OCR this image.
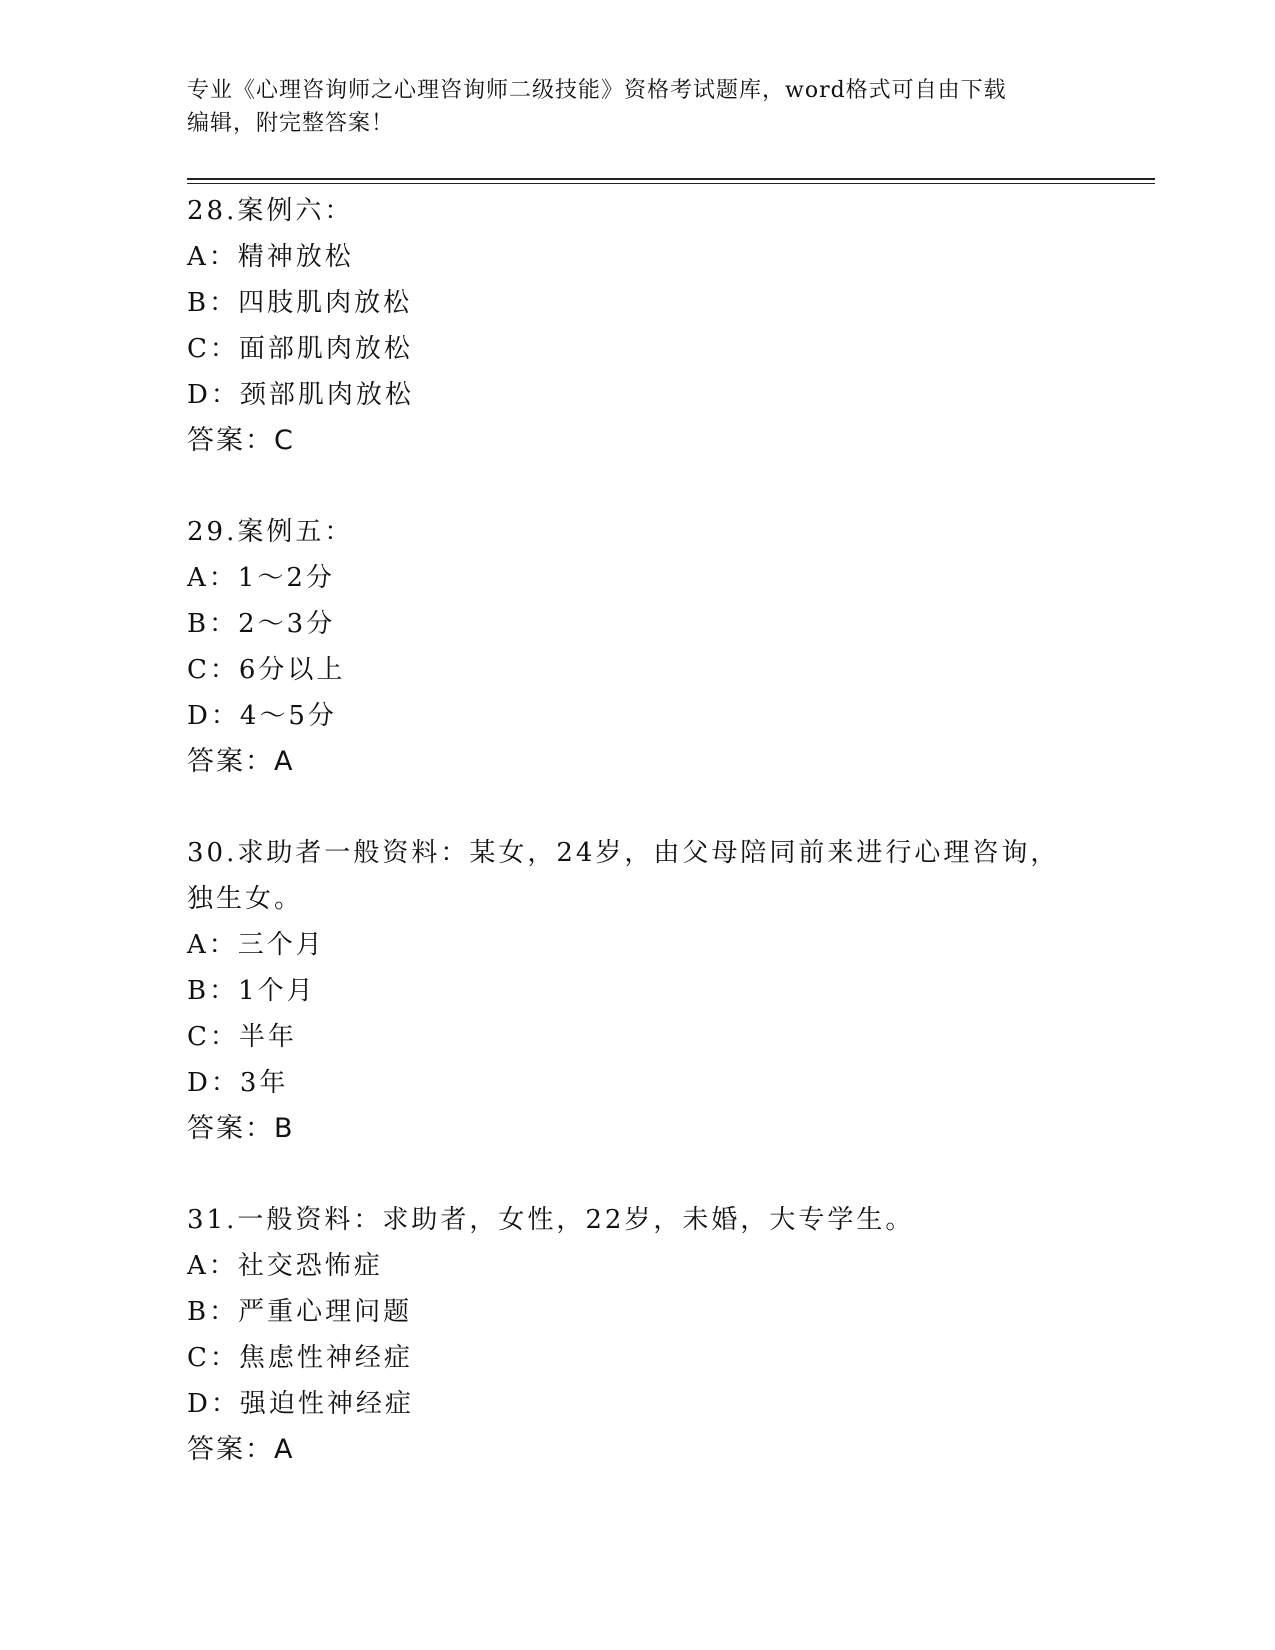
专业《心理咨询师之心理咨询师二级技能》资格考试题库，word格式可自由下载
编辑，附完整答案！
28.案例六：
A：精神放松
B：四肢肌肉放松
C：面部肌肉放松
D：颈部肌肉放松
答案：C
29.案例五：
A：1～2分
B：2～3分
C：6分以上
D：4～5分
答案：A
30.求助者一般资料：某女，24岁，由父母陪同前来进行心理咨询，独生女。
A：三个月
B：1个月
C：半年
D：3年
答案：B
31.一般资料：求助者，女性，22岁，未婚，大专学生。
A：社交恐怖症
B：严重心理问题
C：焦虑性神经症
D：强迫性神经症
答案：A
